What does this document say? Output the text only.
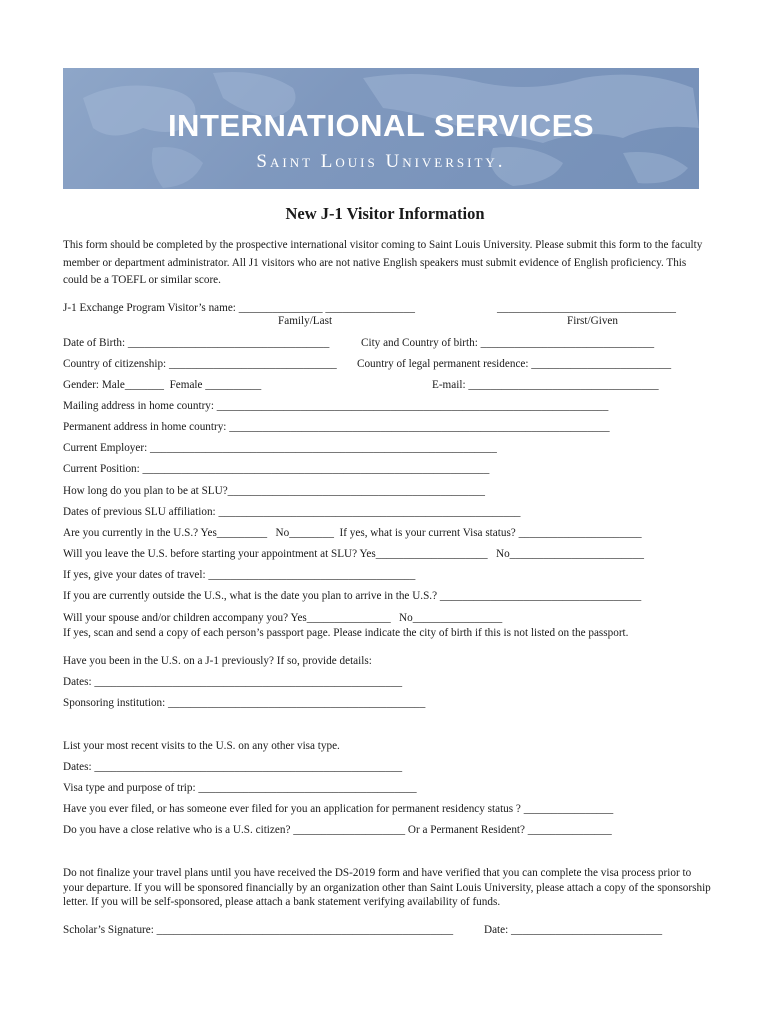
INTERNATIONAL SERVICES
Saint Louis University.
New J-1 Visitor Information
This form should be completed by the prospective international visitor coming to Saint Louis University. Please submit this form to the faculty member or department administrator. All J1 visitors who are not native English speakers must submit evidence of English proficiency. This could be a TOEFL or similar score.
J-1 Exchange Program Visitor’s name: _______________ ________________	________________________________
Family/Last	First/Given
Date of Birth: ____________________________________	City and Country of birth: _______________________________
Country of citizenship: ______________________________ Country of legal permanent residence: _________________________
Gender: Male_______  Female __________	E-mail: __________________________________
Mailing address in home country: ______________________________________________________________________
Permanent address in home country: ____________________________________________________________________
Current Employer: ______________________________________________________________
Current Position: ______________________________________________________________
How long do you plan to be at SLU?______________________________________________
Dates of previous SLU affiliation: ______________________________________________________
Are you currently in the U.S.? Yes_________   No________  If yes, what is your current Visa status? ______________________
Will you leave the U.S. before starting your appointment at SLU? Yes____________________   No________________________
If yes, give your dates of travel: _____________________________________
If you are currently outside the U.S., what is the date you plan to arrive in the U.S.? ____________________________________
Will your spouse and/or children accompany you? Yes_______________   No________________
If yes, scan and send a copy of each person’s passport page. Please indicate the city of birth if this is not listed on the passport.
Have you been in the U.S. on a J-1 previously? If so, provide details:
Dates: _______________________________________________________
Sponsoring institution: ______________________________________________
List your most recent visits to the U.S. on any other visa type.
Dates: _______________________________________________________
Visa type and purpose of trip: _______________________________________
Have you ever filed, or has someone ever filed for you an application for permanent residency status ? ________________
Do you have a close relative who is a U.S. citizen? ____________________ Or a Permanent Resident? _______________
Do not finalize your travel plans until you have received the DS-2019 form and have verified that you can complete the visa process prior to your departure. If you will be sponsored financially by an organization other than Saint Louis University, please attach a copy of the sponsorship letter. If you will be self-sponsored, please attach a bank statement verifying availability of funds.
Scholar’s Signature: _____________________________________________________	Date: ___________________________
